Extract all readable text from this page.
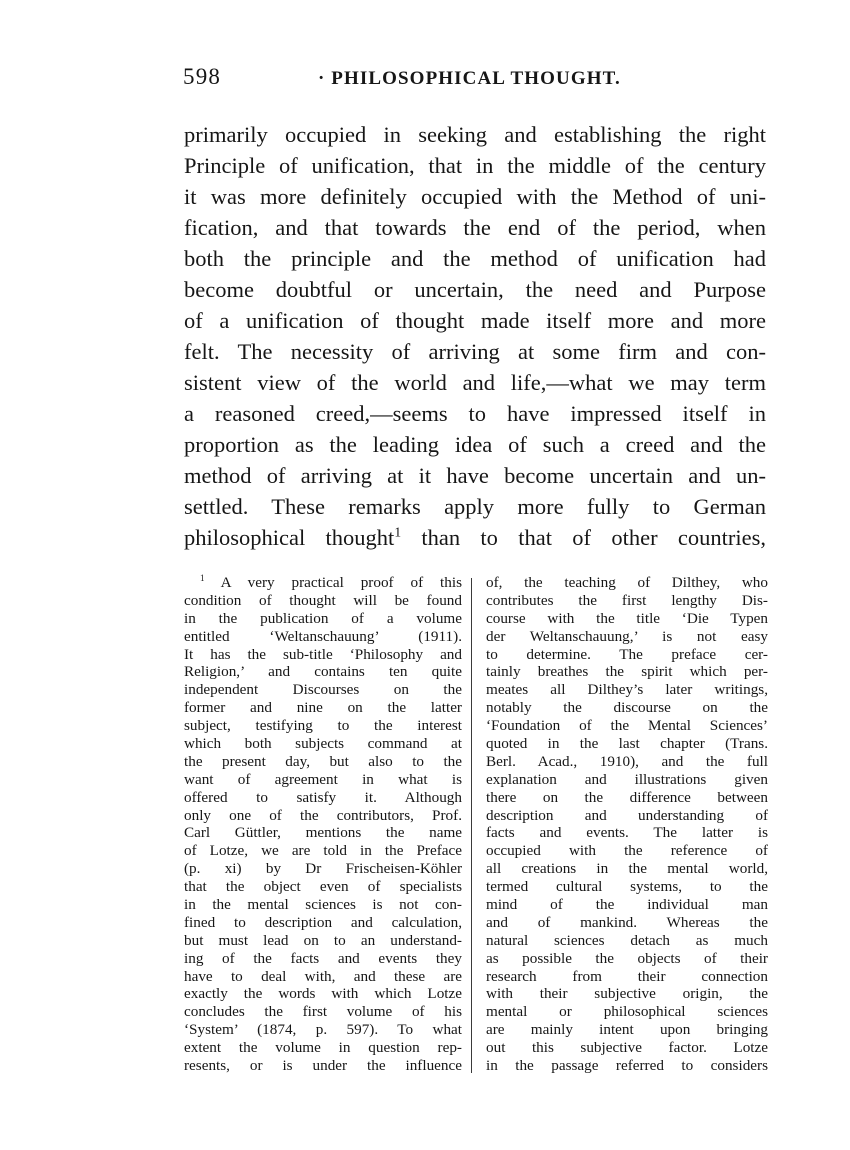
598	· PHILOSOPHICAL THOUGHT.
primarily occupied in seeking and establishing the right
Principle of unification, that in the middle of the century
it was more definitely occupied with the Method of uni-
fication, and that towards the end of the period, when
both the principle and the method of unification had
become doubtful or uncertain, the need and Purpose
of a unification of thought made itself more and more
felt. The necessity of arriving at some firm and con-
sistent view of the world and life,—what we may term
a reasoned creed,—seems to have impressed itself in
proportion as the leading idea of such a creed and the
method of arriving at it have become uncertain and un-
settled. These remarks apply more fully to German
philosophical thought$^1$ than to that of other countries,
$^1$ A very practical proof of this
condition of thought will be found
in the publication of a volume
entitled ‘Weltanschauung’ (1911).
It has the sub-title ‘Philosophy and
Religion,’ and contains ten quite
independent Discourses on the
former and nine on the latter
subject, testifying to the interest
which both subjects command at
the present day, but also to the
want of agreement in what is
offered to satisfy it. Although
only one of the contributors, Prof.
Carl Güttler, mentions the name
of Lotze, we are told in the Preface
(p. xi) by Dr Frischeisen-Köhler
that the object even of specialists
in the mental sciences is not con-
fined to description and calculation,
but must lead on to an understand-
ing of the facts and events they
have to deal with, and these are
exactly the words with which Lotze
concludes the first volume of his
‘System’ (1874, p. 597). To what
extent the volume in question rep-
resents, or is under the influence
of, the teaching of Dilthey, who
contributes the first lengthy Dis-
course with the title ‘Die Typen
der Weltanschauung,’ is not easy
to determine. The preface cer-
tainly breathes the spirit which per-
meates all Dilthey’s later writings,
notably the discourse on the
‘Foundation of the Mental Sciences’
quoted in the last chapter (Trans.
Berl. Acad., 1910), and the full
explanation and illustrations given
there on the difference between
description and understanding of
facts and events. The latter is
occupied with the reference of
all creations in the mental world,
termed cultural systems, to the
mind of the individual man
and of mankind. Whereas the
natural sciences detach as much
as possible the objects of their
research from their connection
with their subjective origin, the
mental or philosophical sciences
are mainly intent upon bringing
out this subjective factor. Lotze
in the passage referred to considers
